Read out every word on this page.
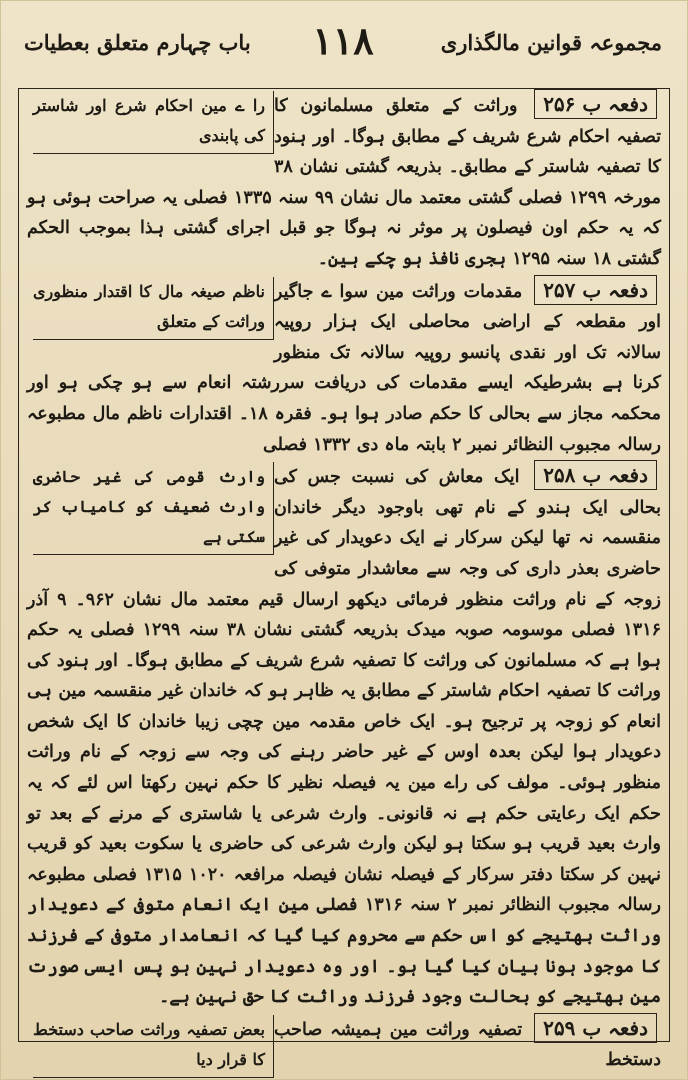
مجموعہ قوانین مالگذاری
۱۱۸
باب چہارم متعلق بعطیات

را ے مین احکام شرع اور شاستر کی پابندی
دفعہ ب ۲۵۶ وراثت کے متعلق مسلمانون کا تصفیہ احکام شرع شریف کے مطابق ہوگا۔ اور ہنود کا تصفیہ شاستر کے مطابق۔ بذریعہ گشتی نشان ۳۸ مورخہ ۱۲۹۹ فصلی گشتی معتمد مال نشان ۹۹ سنہ ۱۳۳۵ فصلی یہ صراحت ہوئی ہو کہ یہ حکم اون فیصلون پر موثر نہ ہوگا جو قبل اجرای گشتی ہذا بموجب الحکم گشتی ۱۸ سنہ ۱۲۹۵ ہجری نافذ ہو چکے ہین۔

ناظم صیغہ مال کا اقتدار منظوری وراثت کے متعلق
دفعہ ب ۲۵۷ مقدمات وراثت مین سوا ے جاگیر اور مقطعہ کے اراضی محاصلی ایک ہزار روپیہ سالانہ تک اور نقدی پانسو روپیہ سالانہ تک منظور کرنا ہے بشرطیکہ ایسے مقدمات کی دریافت سررشتہ انعام سے ہو چکی ہو اور محکمہ مجاز سے بحالی کا حکم صادر ہوا ہو۔ فقرہ ۱۸۔ اقتدارات ناظم مال مطبوعہ رسالہ مجبوب النظائر نمبر ۲ بابتہ ماہ دی ۱۳۳۲ فصلی

وارث قومی کی غیر حاضری وارث ضعیف کو کامیاب کر سکتی ہے
دفعہ ب ۲۵۸ ایک معاش کی نسبت جس کی بحالی ایک ہندو کے نام تھی باوجود دیگر خاندان منقسمہ نہ تھا لیکن سرکار نے ایک دعویدار کی غیر حاضری بعذر داری کی وجہ سے معاشدار متوفی کی زوجہ کے نام وراثت منظور فرمائی دیکھو ارسال قیم معتمد مال نشان ۹۶۲۔ ۹ آذر ۱۳۱۶ فصلی موسومہ صوبہ میدک بذریعہ گشتی نشان ۳۸ سنہ ۱۲۹۹ فصلی یہ حکم ہوا ہے کہ مسلمانون کی وراثت کا تصفیہ شرع شریف کے مطابق ہوگا۔ اور ہنود کی وراثت کا تصفیہ احکام شاستر کے مطابق یہ ظاہر ہو کہ خاندان غیر منقسمہ مین ہی انعام کو زوجہ پر ترجیح ہو۔ ایک خاص مقدمہ مین چچی زیبا خاندان کا ایک شخص دعویدار ہوا لیکن بعدہ اوس کے غیر حاضر رہنے کی وجہ سے زوجہ کے نام وراثت منظور ہوئی۔ مولف کی راے مین یہ فیصلہ نظیر کا حکم نہین رکھتا اس لئے کہ یہ حکم ایک رعایتی حکم ہے نہ قانونی۔ وارث شرعی یا شاستری کے مرنے کے بعد تو وارث بعید قریب ہو سکتا ہو لیکن وارث شرعی کی حاضری یا سکوت بعید کو قریب نہین کر سکتا دفتر سرکار کے فیصلہ نشان فیصلہ مرافعہ ۱۰۲۰ ۱۳۱۵ فصلی مطبوعہ رسالہ مجبوب النظائر نمبر ۲ سنہ ۱۳۱۶ فصلی مین ایک انعام متوفی کے دعویدار وراثت بھتیجے کو اس حکم سے محروم کیا گیا کہ انعامدار متوفی کے فرزند کا موجود ہونا بیان کیا گیا ہو۔ اور وہ دعویدار نہین ہو پس ایسی صورت مین بھتیجے کو بحالت وجود فرزند وراثت کا حق نہین ہے۔

بعض تصفیہ وراثت صاحب دستخط کا قرار دیا
دفعہ ب ۲۵۹ تصفیہ وراثت مین ہمیشہ صاحب دستخط
